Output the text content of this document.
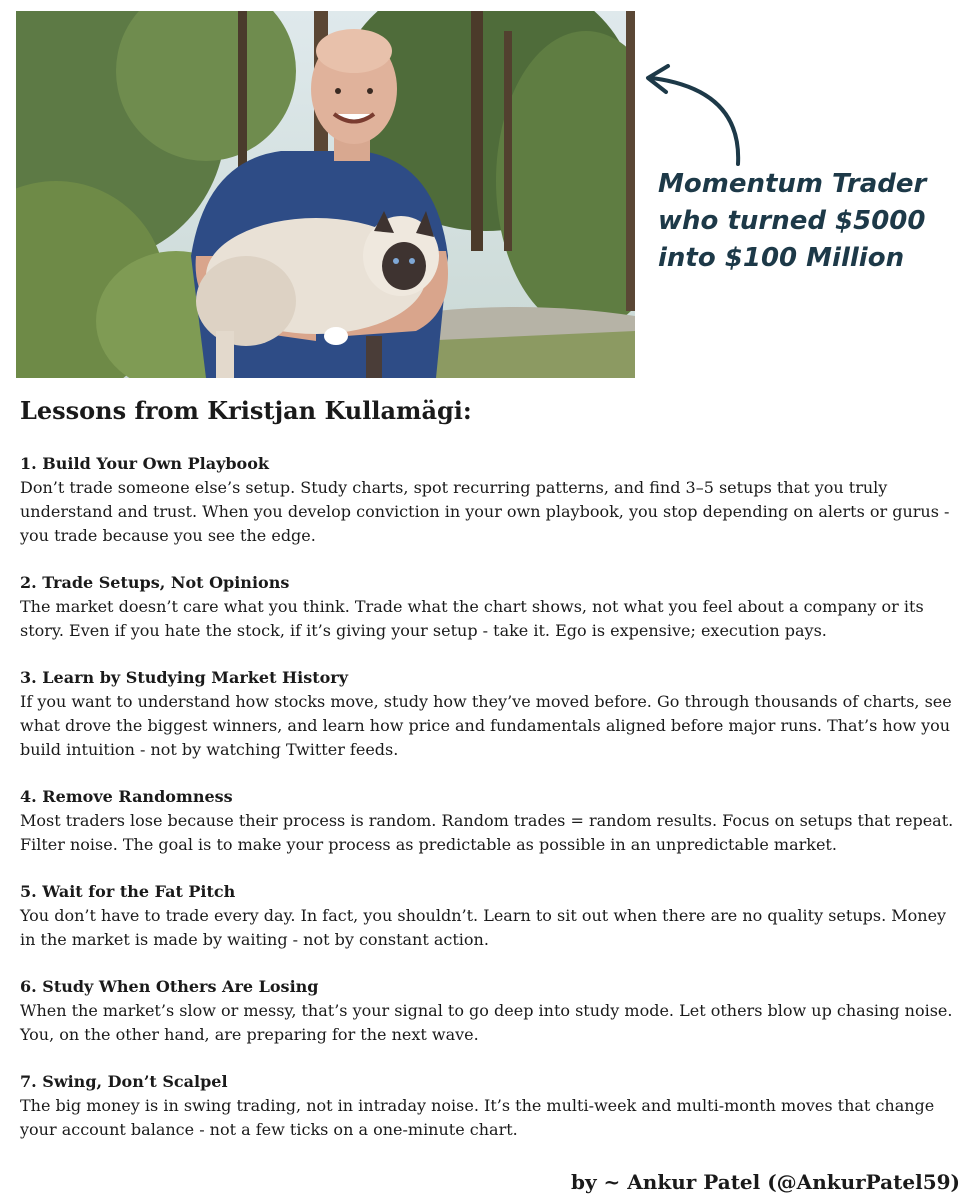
Momentum Trader
who turned $5000
into $100 Million
Lessons from Kristjan Kullamägi:
1. Build Your Own Playbook
Don’t trade someone else’s setup. Study charts, spot recurring patterns, and find 3–5 setups that you truly understand and trust. When you develop conviction in your own playbook, you stop depending on alerts or gurus - you trade because you see the edge.
2. Trade Setups, Not Opinions
The market doesn’t care what you think. Trade what the chart shows, not what you feel about a company or its story. Even if you hate the stock, if it’s giving your setup - take it. Ego is expensive; execution pays.
3. Learn by Studying Market History
If you want to understand how stocks move, study how they’ve moved before. Go through thousands of charts, see what drove the biggest winners, and learn how price and fundamentals aligned before major runs. That’s how you build intuition - not by watching Twitter feeds.
4. Remove Randomness
Most traders lose because their process is random. Random trades = random results. Focus on setups that repeat. Filter noise. The goal is to make your process as predictable as possible in an unpredictable market.
5. Wait for the Fat Pitch
You don’t have to trade every day. In fact, you shouldn’t. Learn to sit out when there are no quality setups. Money in the market is made by waiting - not by constant action.
6. Study When Others Are Losing
When the market’s slow or messy, that’s your signal to go deep into study mode. Let others blow up chasing noise. You, on the other hand, are preparing for the next wave.
7. Swing, Don’t Scalpel
The big money is in swing trading, not in intraday noise. It’s the multi-week and multi-month moves that change your account balance - not a few ticks on a one-minute chart.
by ~ Ankur Patel (@AnkurPatel59)
